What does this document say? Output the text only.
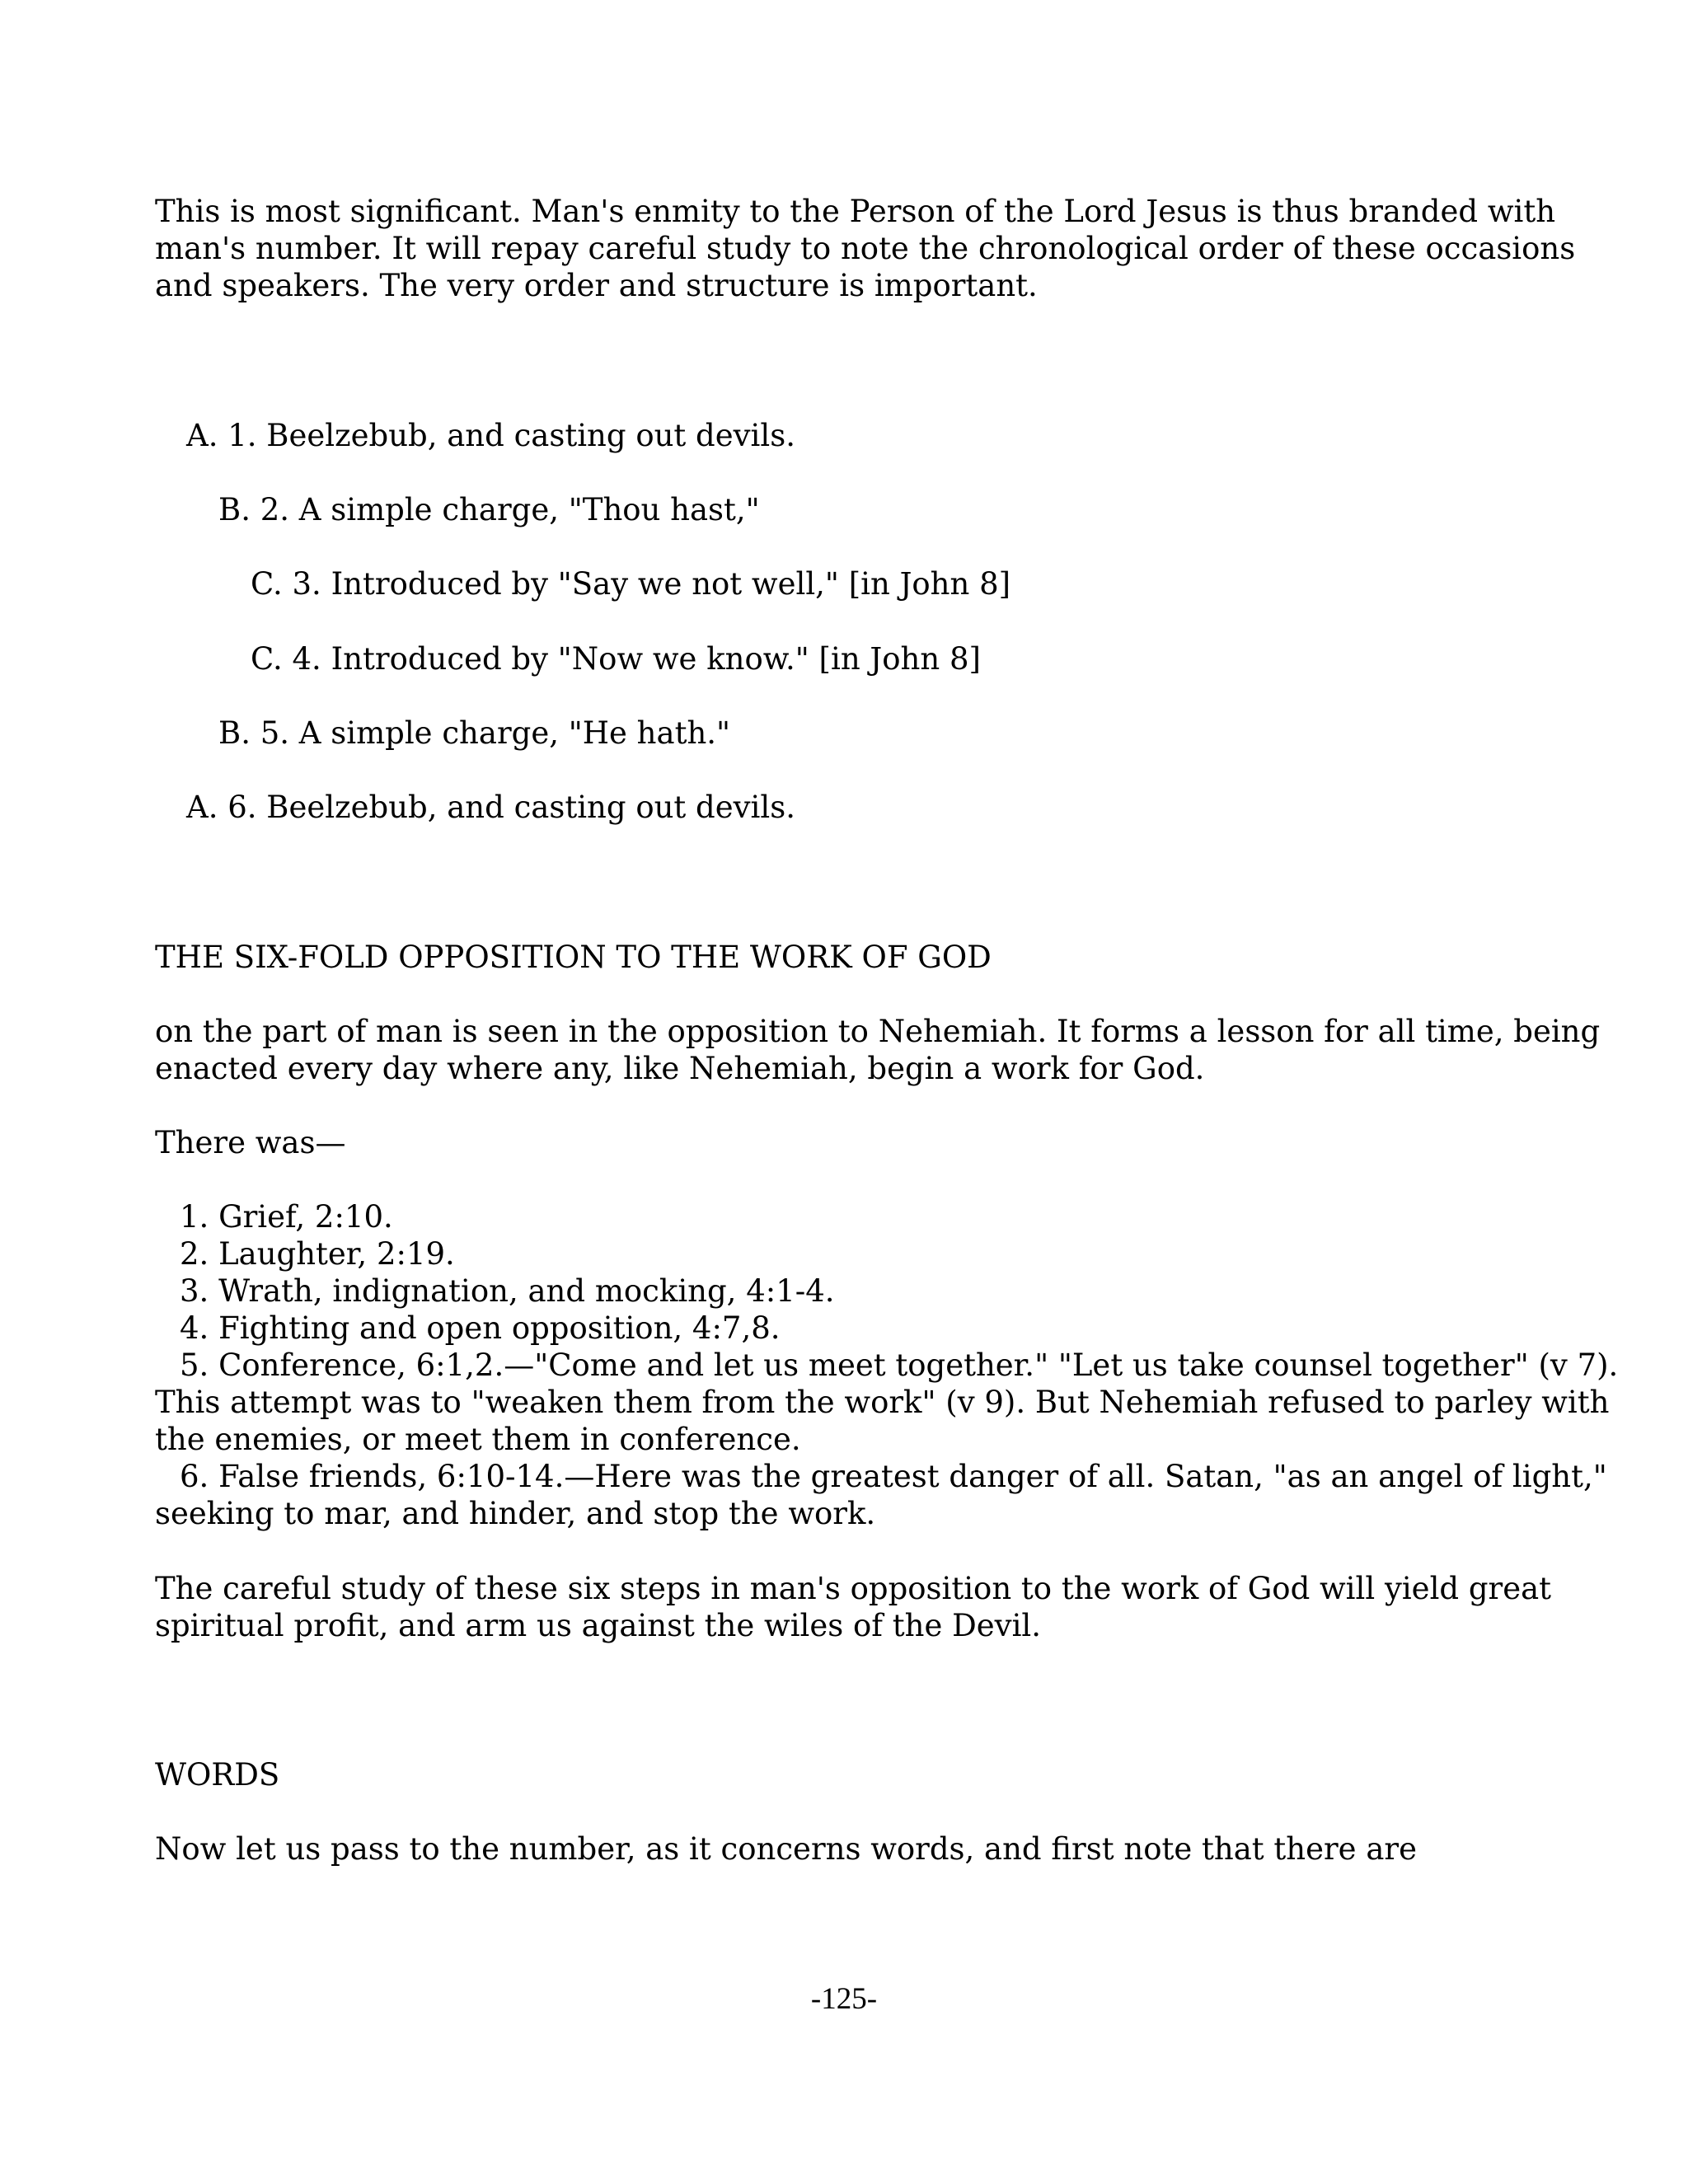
This is most significant. Man's enmity to the Person of the Lord Jesus is thus branded with
man's number. It will repay careful study to note the chronological order of these occasions
and speakers. The very order and structure is important.

A. 1. Beelzebub, and casting out devils.

B. 2. A simple charge, "Thou hast,"

C. 3. Introduced by "Say we not well," [in John 8]

C. 4. Introduced by "Now we know." [in John 8]

B. 5. A simple charge, "He hath."

A. 6. Beelzebub, and casting out devils.

THE SIX-FOLD OPPOSITION TO THE WORK OF GOD

on the part of man is seen in the opposition to Nehemiah. It forms a lesson for all time, being
enacted every day where any, like Nehemiah, begin a work for God.

There was—

1. Grief, 2:10.
2. Laughter, 2:19.
3. Wrath, indignation, and mocking, 4:1-4.
4. Fighting and open opposition, 4:7,8.
5. Conference, 6:1,2.—"Come and let us meet together." "Let us take counsel together" (v 7).
This attempt was to "weaken them from the work" (v 9). But Nehemiah refused to parley with
the enemies, or meet them in conference.
6. False friends, 6:10-14.—Here was the greatest danger of all. Satan, "as an angel of light,"
seeking to mar, and hinder, and stop the work.

The careful study of these six steps in man's opposition to the work of God will yield great
spiritual profit, and arm us against the wiles of the Devil.

WORDS

Now let us pass to the number, as it concerns words, and first note that there are

-125-
